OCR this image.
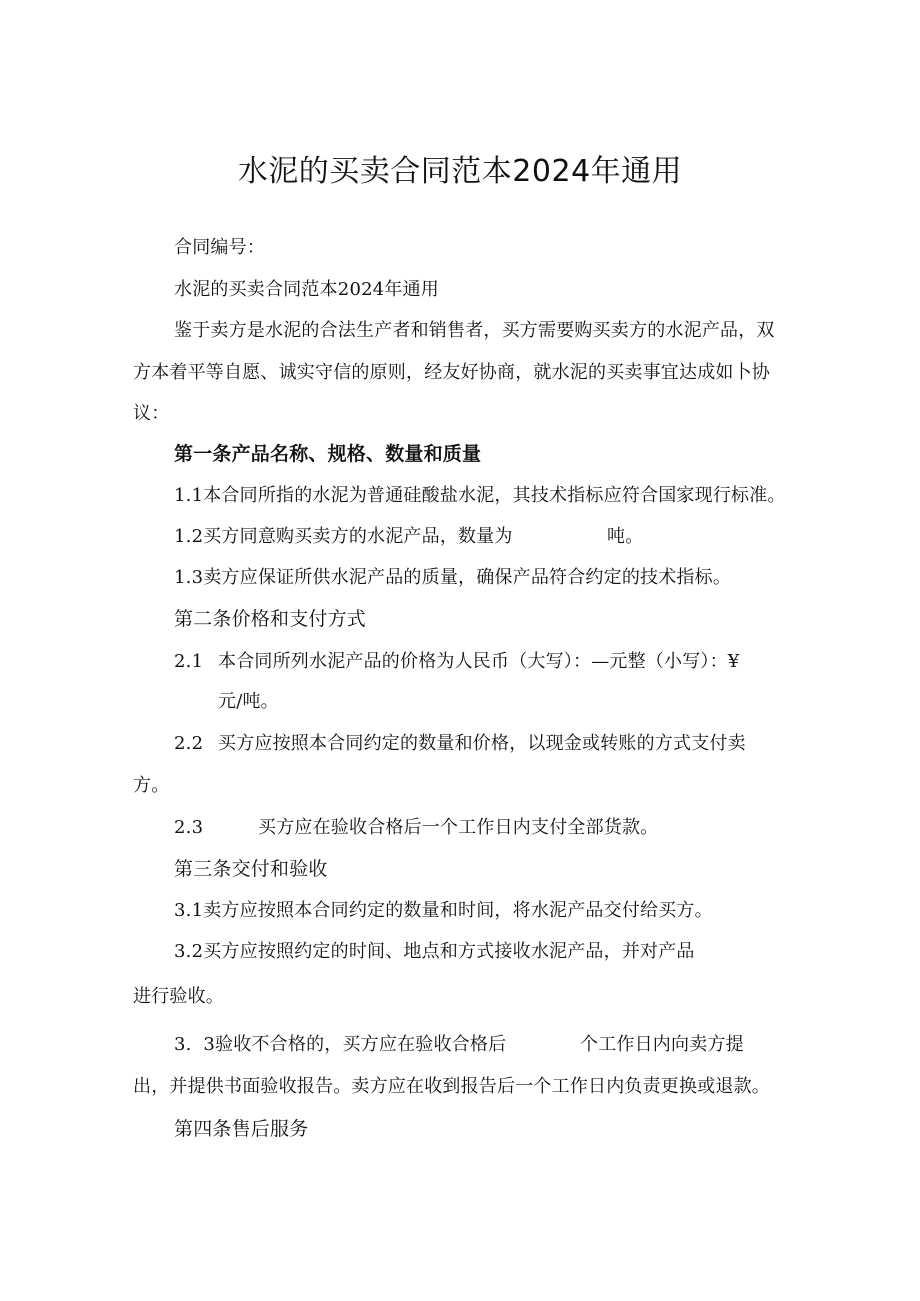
水泥的买卖合同范本2024年通用
合同编号：
水泥的买卖合同范本2024年通用
鉴于卖方是水泥的合法生产者和销售者，买方需要购买卖方的水泥产品，双
方本着平等自愿、诚实守信的原则，经友好协商，就水泥的买卖事宜达成如卜协
议：
第一条产品名称、规格、数量和质量
1.1本合同所指的水泥为普通硅酸盐水泥，其技术指标应符合国家现行标准。
1.2买方同意购买卖方的水泥产品，数量为	吨。
1.3卖方应保证所供水泥产品的质量，确保产品符合约定的技术指标。
第二条价格和支付方式
2.1 本合同所列水泥产品的价格为人民币（大写）：—元整（小写）：¥
元/吨。
2.2 买方应按照本合同约定的数量和价格，以现金或转账的方式支付卖
方。
2.3	买方应在验收合格后一个工作日内支付全部货款。
第三条交付和验收
3.1卖方应按照本合同约定的数量和时间，将水泥产品交付给买方。
3.2买方应按照约定的时间、地点和方式接收水泥产品，并对产品
进行验收。
3.  3验收不合格的，买方应在验收合格后	个工作日内向卖方提
出，并提供书面验收报告。卖方应在收到报告后一个工作日内负责更换或退款。
第四条售后服务
